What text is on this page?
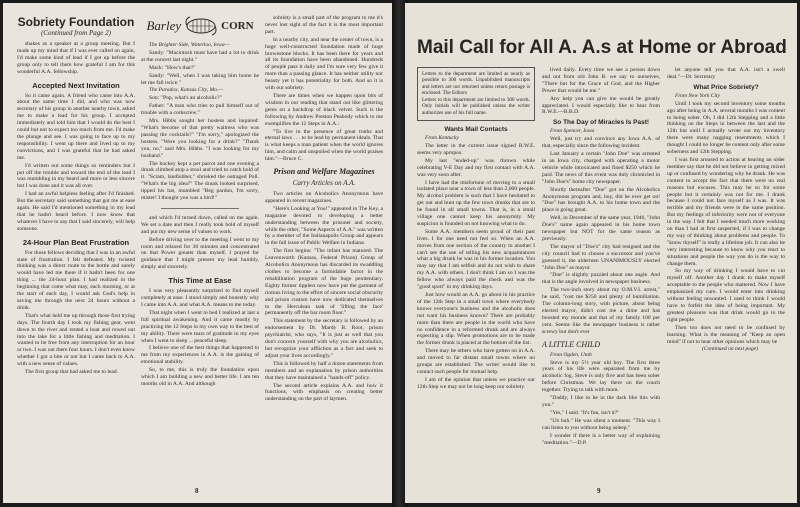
Sobriety Foundation
(Continued from Page 2)

shakes as a speaker at a group meeting. But I made up my mind that if I was ever called on again, I'd make some kind of lead if I got up before the group only to tell them how grateful I am for this wonderful A.A. fellowship.

Accepted Next Invitation

So it came again. A friend who came into A.A. about the same time I did, and who was now secretary of his group in another nearby town, asked me to make a lead for his group. I accepted immediately and told him that I would do the best I could but not to expect too much from me. I'd make the plunge and see. I was going to face up to my responsibility. I went up there and lived up to my convictions, and I was grateful that he had asked me.

I'd written out some things so reminders but I put off the trouble and toward the end of the lead I was mumbling in my beard and more or less sincere but I was done and it was all over.

I had an awful helpless feeling after I'd finished. But the secretary said something that got me at ease again. He said I'd mentioned something in my lead that he hadn't heard before. I now know that whatever I have to say that I said sincerely, will help someone.

24-Hour Plan Beat Frustration

For those fellows deciding that I was in an awful state of frustration. I felt defeated. My twisted thinking was a direct route to the bottle and surely would have led me there if it hadn't been for one thing ... the 24-hour plan. I had realized in the beginning that come what may, each morning, or at the start of each day, I would ask God's help in saving me through the next 24 hours without a drink.

That's what held me up through those first trying days. The fourth day I took my fishing gear, went down to the river and rented a boat and rowed out into the lake for a little fishing and meditation. I wanted to be free from any interruption for an hour or two. I was out there four hours. I don't even know whether I got a bite or not but I came back to A.A. with a new sense of values.

The first group that had asked me to lead.

Barley	CORN

The Brighter Side, Waterloo, Iowa—

Sandy: "Macintosh must have had a lot to drink at the concert last night."

Mack: "How's that?"

Sandy: "Well, when I was taking him home he let me fall twice."

The Paradox, Kansas City, Mo.—

Son: "Pop, what's an alcoholic?"

Father: "A man who tries to pull himself out of trouble with a corkscrew."

Mrs. Hibbs sought her hostess and inquired: "What's become of that pretty waitress who was passing the cocktails?" "I'm sorry," apologized the hostess. "Were you looking for a drink?" "Thank you, no," said Mrs. Hibbs. "I was looking for my husband."

The hockey kept a pet parrot and one evening a drunk climbed atop a stool and tried to catch hold of it. "Scram, landlubber," shrieked the outraged Poll. "What's the big idea?" The drunk looked surprised, tipped his hat, mumbled "Beg pardon, I'm sorry, mister! I thought you was a bird!"

and which I'd turned down, called on me again. We set a date and then I really took hold of myself and put my new sense of values to work.

Before driving over to the meeting I went to my room and relaxed for 30 minutes and concentrated on that Power greater than myself. I prayed for guidance that I might present my lead humbly, simply and sincerely.

This Time at Ease

I was very pleasantly surprised to find myself completely at ease. I stood simply and honestly why I came into A.A. and what A.A. means to me today.

That night when I went to bed I realized at last a full spiritual awakening. And it came mostly by practicing the 12 Steps in my own way to the best of my ability. There were tears of gratitude in my eyes when I went to sleep ... peaceful sleep.

I believe one of the best things that happened to me from my experiences in A.A. is the gaining of emotional stability.

So, to me, this is truly the foundation upon which I am building a new and better life. I am ten months old in A.A. And although

sobriety is a small part of the program to me it's never lost sight of the fact it is the most important part.

In a nearby city, and near the center of town, is a huge well-constructed foundation made of huge brownstone blocks. It has been there for years and all its foundation have been abandoned. Hundreds of people pass it daily and I'm sure very few give it more than a passing glance. It has neither utility nor beauty yet it has potentiality for both. And so it is with our sobriety.

There are times when we happen upon bits of wisdom in our reading that stand out like glittering gems on a backdrop of black velvet. Such is the following by Andrew Preston Peabody which to me exemplifies the 12 Steps in A.A.:

"To live in the presence of great truths and eternal laws . . . to be lead by permanent ideals. That is what keeps a man patient when the world ignores him, and calm and unspoiled when the world praises him."—Bruce C.

Prison and Welfare Magazines
Carry Articles on A.A.

Two articles on Alcoholics Anonymous have appeared in recent magazines.

"Here's Looking at You!" appeared in The Key, a magazine devoted to developing a better understanding between the prisoner and society, while the other, "Some Aspects of A.A." was written by a member of the Indianapolis Group and appears in the fall issue of Public Welfare in Indiana.

The first begins: "The infant has matured. The Leavenworth (Kansas, Federal Prison) Group of Alcoholics Anonymous has discarded its swaddling clothes to become a formidable factor in the rehabilitation program of the huge penitentiary. Eighty former tipplers now have put the garment of riotous living to the effort of sincere social obscurity and prison custom have now dedicated themselves to the Herculean task of 'lifting the face' permanently off the bar room floor."

This statement by the secretary is followed by an endorsement by Dr. Mardy B. Root, prison psychiatrist, who says, "It is just as well that you don't concern yourself with why you are alcoholics, but recognize your affliction as a fact and seek to adjust your lives accordingly."

This is followed by half a dozen statements from members and an explanation by prison authorities that they have maintained a "hands-off" policy.

The second article explains A.A. and how it functions, with emphasis on creating better understanding on the part of laymen.

8
Mail Call for All A. A.s at Home or Abroad

Letters to the department are limited as nearly as possible to 300 words. Unpublished manuscripts and letters are not returned unless return postage is enclosed. The Editors

Letters to this department are limited to 300 words. Only initials will be published unless the writer authorizes use of his full name.

Wants Mail Contacts

From Kentucky

The letter in the current issue signed R.W.E. seems very apropos.

My last "ended-up" was thrown while celebrating V-E Day and my first contact with A.A. was very soon after.

I have had the misfortune of moving to a small isolated place near a town of less than 2,000 people. My alcohol problem is such that I have hesitated to get out and hunt up the few town drunks that are to be found in all small towns. That is, in a small village one cannot keep his anonymity. My suspicion is founded on not knowing what to do.

Some A.A. members seem proud of their past lives. I for one need not feel so. When an A.A. moves from one section of the country to another I can't see the use of telling his new acquaintances what a big drunk he was in his former location. You may say that I am selfish and do not wish to share my A.A. with others. I don't think I am so I was the fellow who always paid the check and was the "good sport" in my drinking days.

Just how would an A.A. go about in his practice of the 12th Step in a small town where everybody knows everyone's business and the alcoholic does not want his business known? There are probably more than there are people in the world who have no confidence in a reformed drunk and are always expecting a slip. When promotions are to be made the former drunk is placed at the bottom of the list.

There may be others who have gotten on in A.A. and moved to far distant small towns where no groups are established. The writer would like to contact such people for mutual help.

I am of the opinion that unless we practice our 12th Step we may not be long keep our sobriety.

lived daily. Every time we see a person down and out from old John B. we say to ourselves, "There but for the Grace of God, and the Higher Power that would be me."

Any help you can give me would be greatly appreciated. I would especially like to hear from R.W.E.—B.B.D.

So The Day of Miracles Is Past!

From Spencer, Iowa

Well, just try and convince any Iowa A.A. of that, especially since the following incident.

Last January a certain "John Doe" was arrested in an Iowa city, charged with operating a motor vehicle while intoxicated and fined $250 which he paid. The news of this event was duly chronicled in "John Doe's" home city newspaper.

Shortly thereafter "Doe" got on the Alcoholics Anonymous program and, boy, did he ever get on! "Doe" has brought A.A. to his home town and the place is going great.

Well, in December of the same year, 1946, "John Doe's" name again appeared in his home town newspaper but NOT for the same reason as previously.

The mayor of "Doe's" city had resigned and the city council had to choose a successor and you've guessed it, the aldermen UNANIMOUSLY elected "John Doe" as mayor.

"Doe" is slightly puzzled about one angle. And that is the angle involved in newspaper business.

The two-inch story about my O.M.V.I. arrest," he said, "cost me $250 and plenty of humiliation. The column-long story, with picture, about being elected mayor, didn't cost me a dime and has boosted my morale and that of my family 100 per cent. Seems like the newspaper business is rather screwy but don't ever

A LITTLE CHILD

From Ogden, Utah

Steve is my 5½ year old boy. The first three years of his life were separated from me by alcoholic fog. Steve is only five and has been sober before Christmas. We lay there on the couch together. Trying to talk with mom.

"Daddy, I like to be in the dark like this with you."

"Yes," I said. "It's fun, isn't it?"

"Uh huh." He was silent a moment. "This way I can listen to you without being asleep."

I wonder if there is a better way of explaining "meditation."—D.P.

let anyone tell you that A.A. isn't a swell deal."—Dr. Secretary

What Price Sobriety?

From New York City

Until I took my second inventory some months ago after being in A.A. several months I was content to being sober. Oh, I did 12th Stepping and a little thinking on the Steps in between the last and the 12th but until I actually wrote out my inventory there were many nagging resentments which I thought I could no longer be content only after some soberness and 12th Stepping.

I was first aroused to action at hearing an older member say that he did not believe in getting mixed up or confused by wondering why he drank. He was content to accept the fact that there were no real reasons but excuses. This may be so for some people but it certainly was not for me. I drank because I could not face myself as I was. It was terrible and my friends were in the same position. But my feelings of inferiority were not of everyone in the way I felt that I needed much more working on than I had at first suspected, if I was to change my way of thinking about problems and people. To "know thyself" is really a lifetime job. It can also be very interesting because to know why you react to situations and people the way you do is the way to change them.

So my way of drinking I would have to cut myself off. Another day I drank to make myself acceptable to the people who mattered. Now I have emphasized my cure. I would enter into drinking without feeling unwanted. I used to think I would have to forfeit the idea of being important. My greatest pleasure was that drink would go to the right people.

Then too does not need to be confused by learning. What is the meaning of "Keep an open mind" if not to hear other opinions which may be

(Continued on next page)

9
